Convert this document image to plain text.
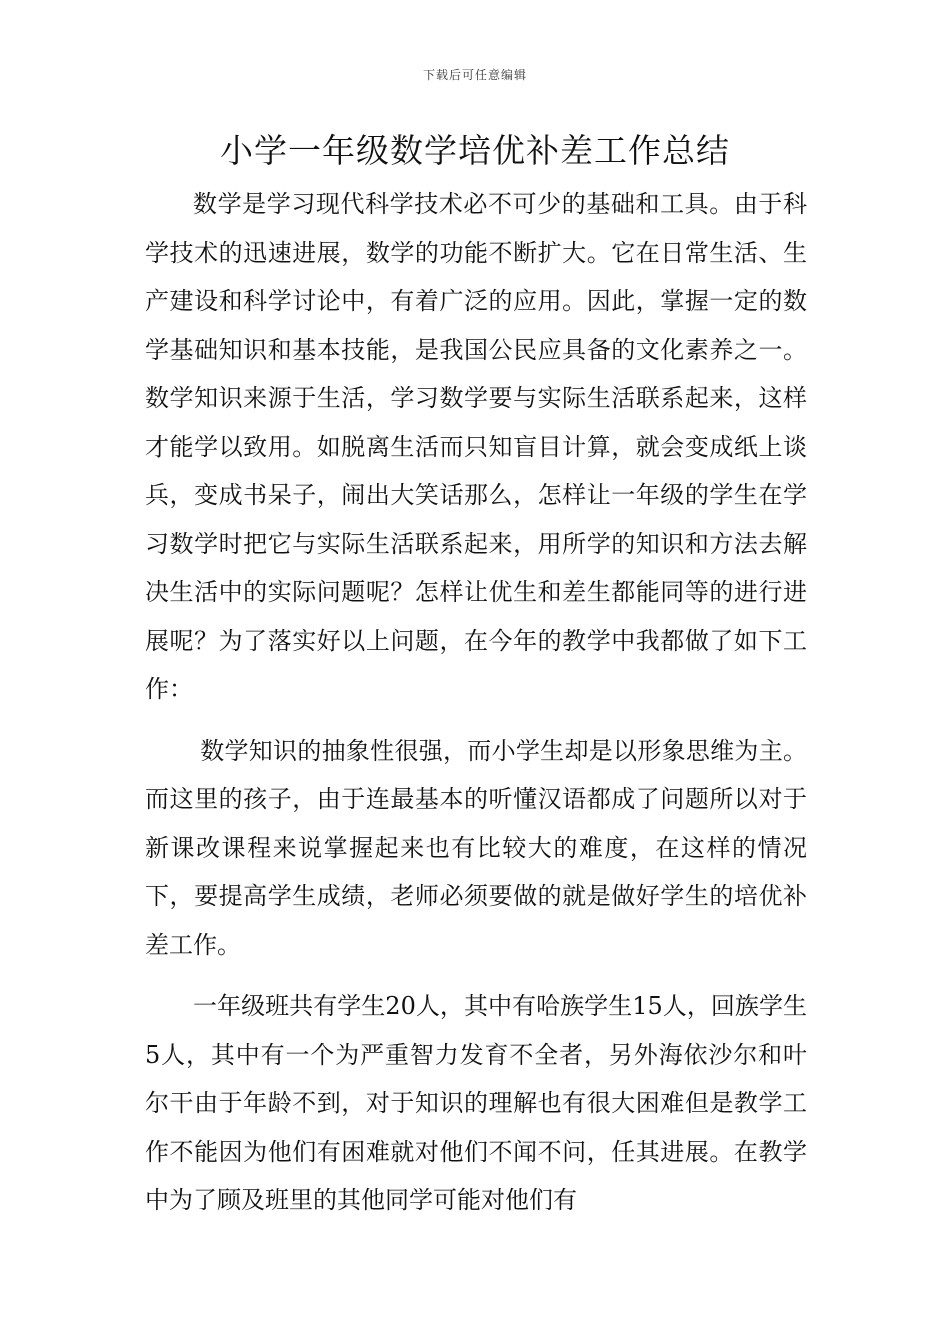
下载后可任意编辑
小学一年级数学培优补差工作总结

数学是学习现代科学技术必不可少的基础和工具。由于科学技术的迅速进展，数学的功能不断扩大。它在日常生活、生产建设和科学讨论中，有着广泛的应用。因此，掌握一定的数学基础知识和基本技能，是我国公民应具备的文化素养之一。数学知识来源于生活，学习数学要与实际生活联系起来，这样才能学以致用。如脱离生活而只知盲目计算，就会变成纸上谈兵，变成书呆子，闹出大笑话那么，怎样让一年级的学生在学习数学时把它与实际生活联系起来，用所学的知识和方法去解决生活中的实际问题呢？怎样让优生和差生都能同等的进行进展呢？为了落实好以上问题，在今年的教学中我都做了如下工作：

数学知识的抽象性很强，而小学生却是以形象思维为主。而这里的孩子，由于连最基本的听懂汉语都成了问题所以对于新课改课程来说掌握起来也有比较大的难度，在这样的情况下，要提高学生成绩，老师必须要做的就是做好学生的培优补差工作。

一年级班共有学生20人，其中有哈族学生15人，回族学生5人，其中有一个为严重智力发育不全者，另外海依沙尔和叶尔干由于年龄不到，对于知识的理解也有很大困难但是教学工作不能因为他们有困难就对他们不闻不问，任其进展。在教学中为了顾及班里的其他同学可能对他们有
